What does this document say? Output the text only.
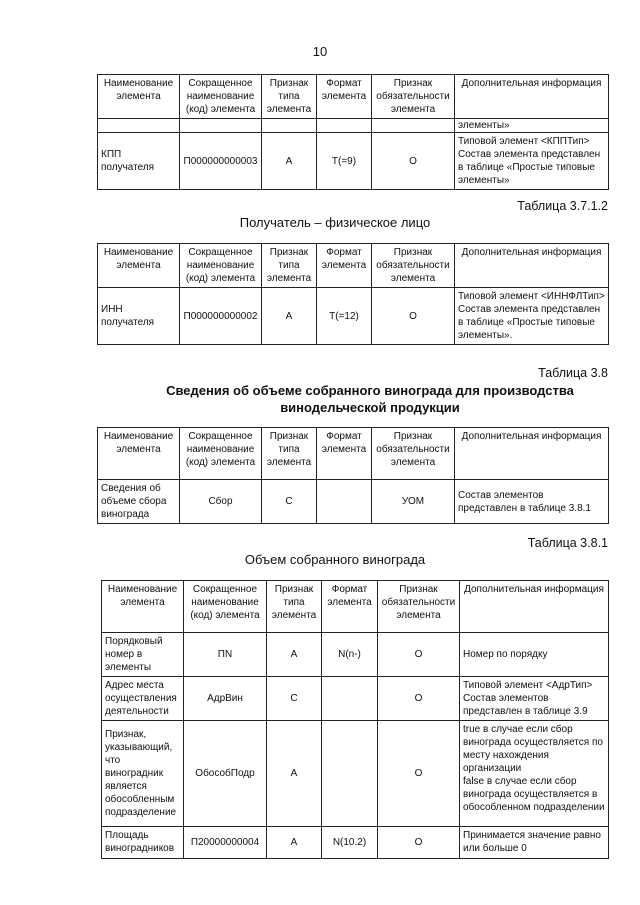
10
Наименование элемента	Сокращенное наименование (код) элемента	Признак типа элемента	Формат элемента	Признак обязательности элемента	Дополнительная информация
					элементы»
КПП получателя	П000000000003	А	Т(=9)	О	Типовой элемент <КППТип> Состав элемента представлен в таблице «Простые типовые элементы»
Таблица 3.7.1.2
Получатель – физическое лицо
Наименование элемента	Сокращенное наименование (код) элемента	Признак типа элемента	Формат элемента	Признак обязательности элемента	Дополнительная информация
ИНН получателя	П000000000002	А	Т(=12)	О	Типовой элемент <ИННФЛТип> Состав элемента представлен в таблице «Простые типовые элементы».
Таблица 3.8
Сведения об объеме собранного винограда для производства винодельческой продукции
Наименование элемента	Сокращенное наименование (код) элемента	Признак типа элемента	Формат элемента	Признак обязательности элемента	Дополнительная информация
Сведения об объеме сбора винограда	Сбор	С		УОМ	Состав элементов представлен в таблице 3.8.1
Таблица 3.8.1
Объем собранного винограда
Наименование элемента	Сокращенное наименование (код) элемента	Признак типа элемента	Формат элемента	Признак обязательности элемента	Дополнительная информация
Порядковый номер в элементы	ПN	А	N(n-)	О	Номер по порядку
Адрес места осуществления деятельности	АдрВин	С		О	Типовой элемент <АдрТип> Состав элементов представлен в таблице 3.9
Признак, указывающий, что виноградник является обособленным подразделение	ОбособПодр	А		О	true в случае если сбор винограда осуществляется по месту нахождения организации
false в случае если сбор винограда осуществляется в обособленном подразделении
Площадь виноградников	П20000000004	А	N(10.2)	О	Принимается значение равно или больше 0
